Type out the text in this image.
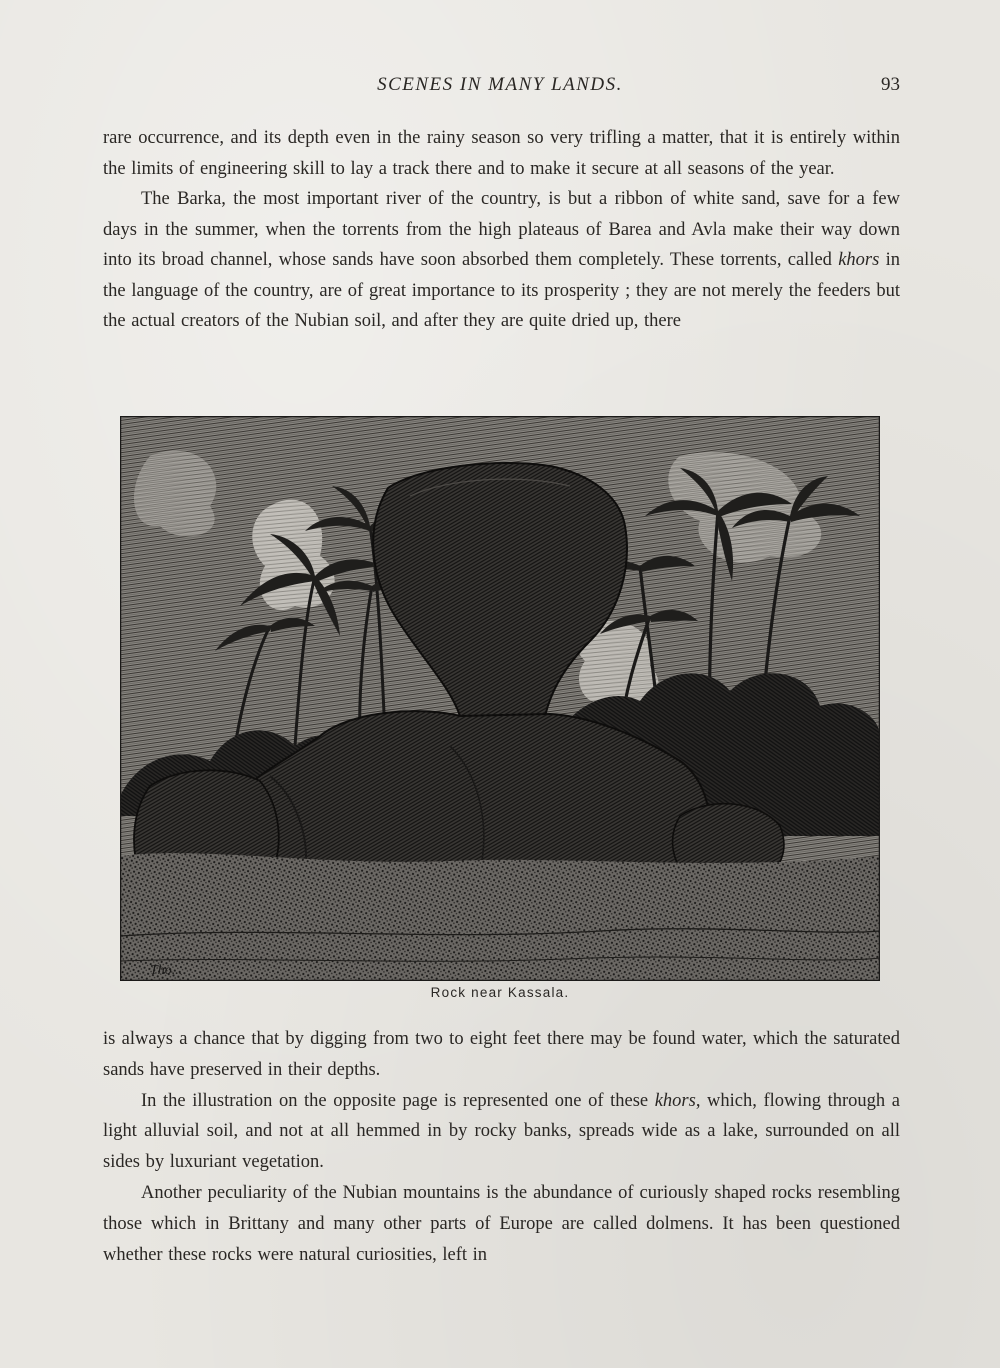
SCENES IN MANY LANDS.	93

rare occurrence, and its depth even in the rainy season so very trifling a matter, that it is entirely within the limits of engineering skill to lay a track there and to make it secure at all seasons of the year.

The Barka, the most important river of the country, is but a ribbon of white sand, save for a few days in the summer, when the torrents from the high plateaus of Barea and Avla make their way down into its broad channel, whose sands have soon absorbed them completely. These torrents, called khors in the language of the country, are of great importance to its prosperity ; they are not merely the feeders but the actual creators of the Nubian soil, and after they are quite dried up, there

Tho...
Rock near Kassala.

is always a chance that by digging from two to eight feet there may be found water, which the saturated sands have preserved in their depths.

In the illustration on the opposite page is represented one of these khors, which, flowing through a light alluvial soil, and not at all hemmed in by rocky banks, spreads wide as a lake, surrounded on all sides by luxuriant vegetation.

Another peculiarity of the Nubian mountains is the abundance of curiously shaped rocks resembling those which in Brittany and many other parts of Europe are called dolmens. It has been questioned whether these rocks were natural curiosities, left in
